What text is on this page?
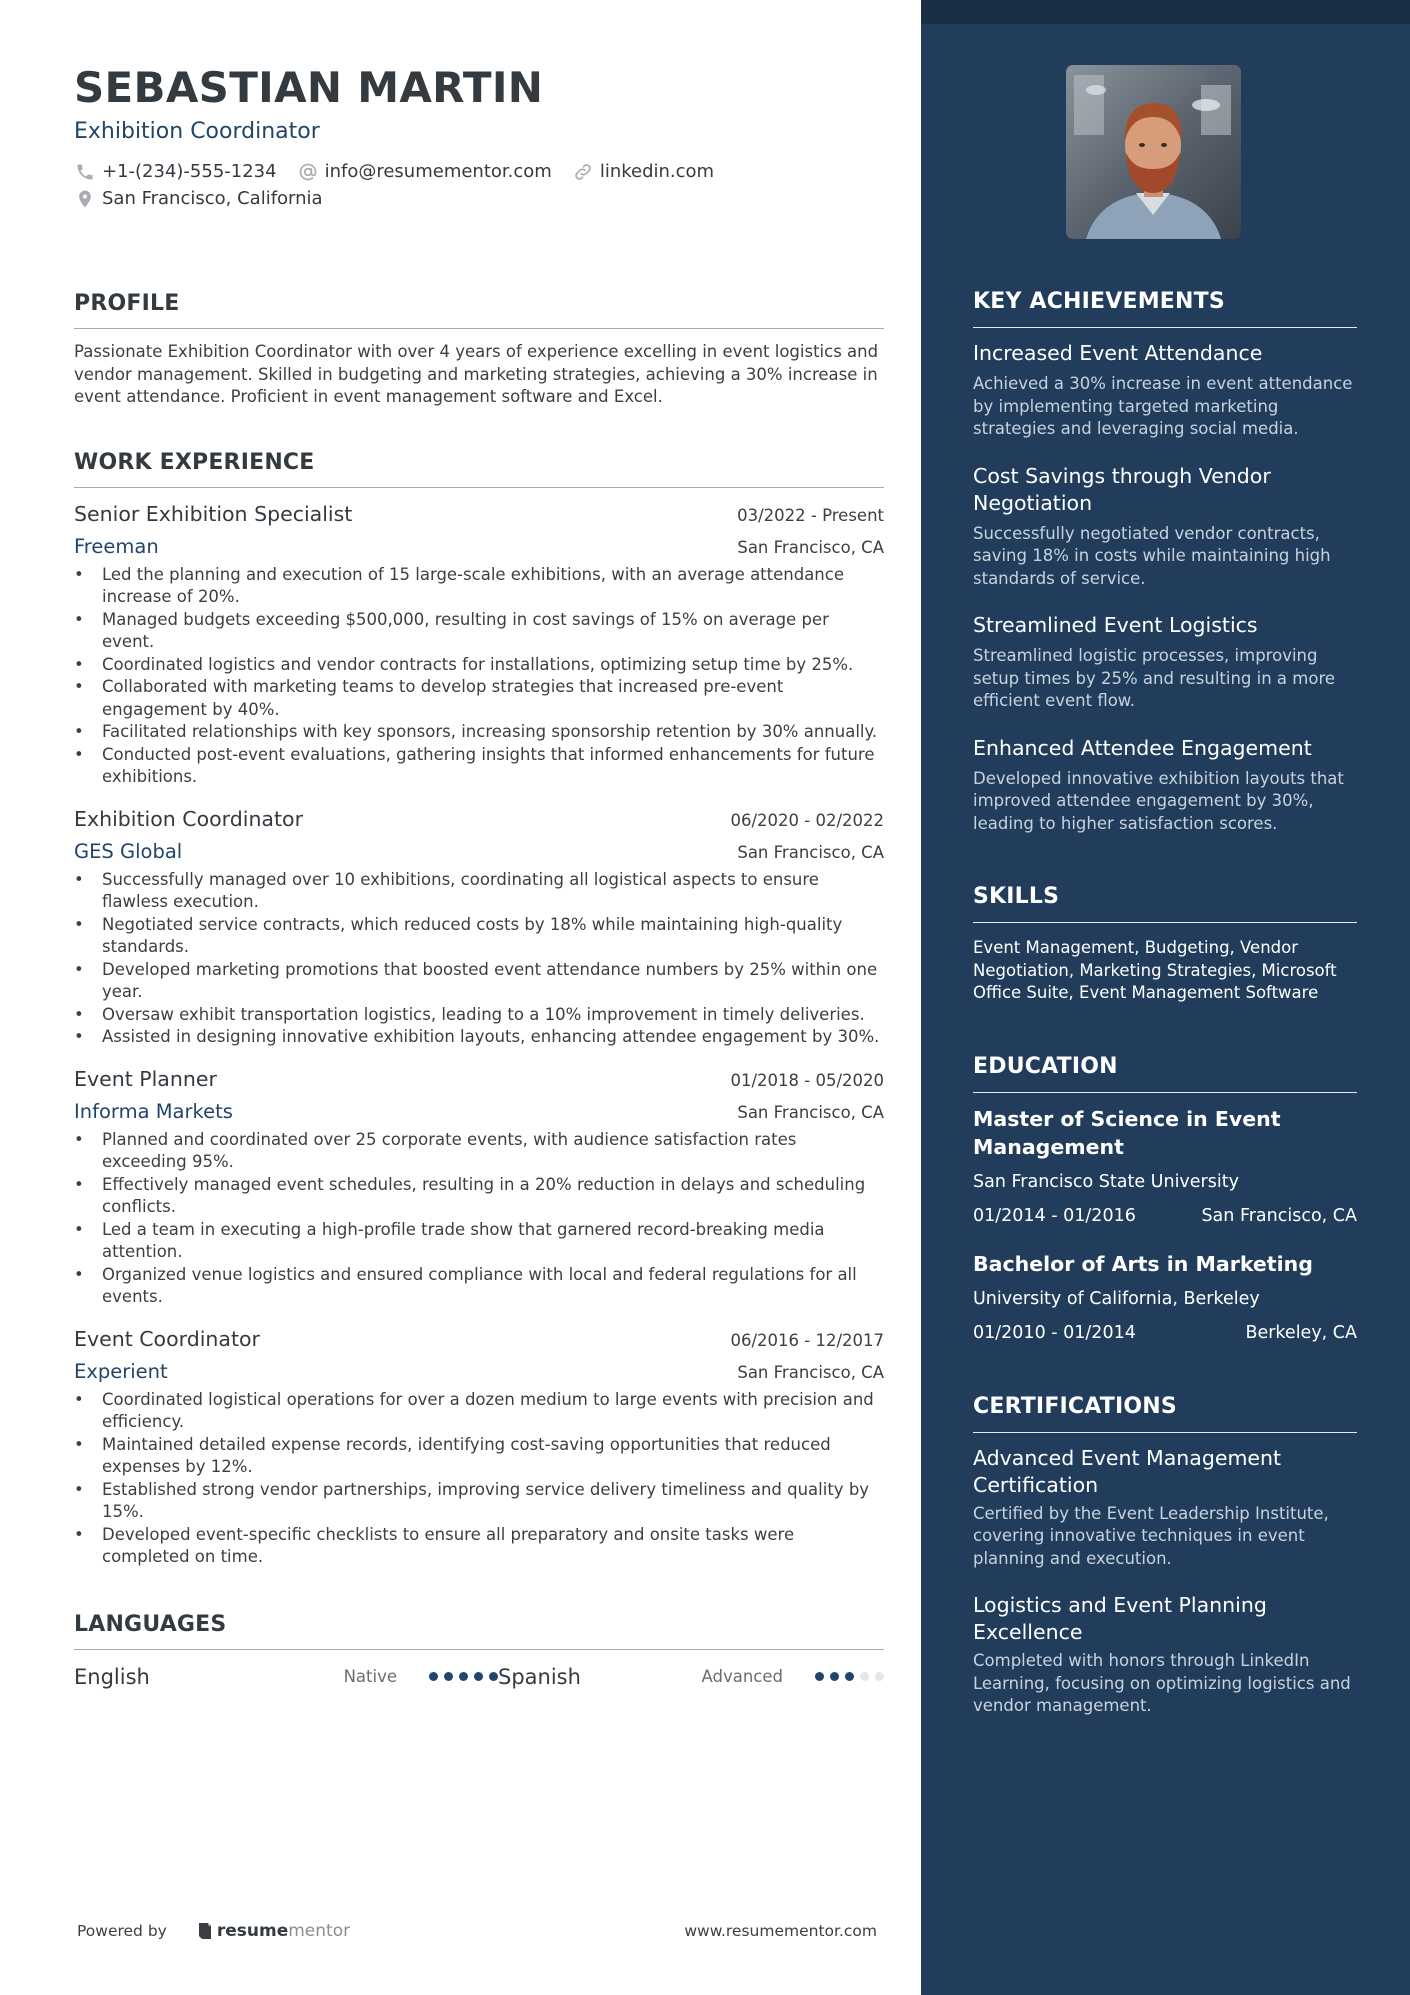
SEBASTIAN MARTIN
Exhibition Coordinator
+1-(234)-555-1234	info@resumementor.com	linkedin.com
San Francisco, California
PROFILE

Passionate Exhibition Coordinator with over 4 years of experience excelling in event logistics and vendor management. Skilled in budgeting and marketing strategies, achieving a 30% increase in event attendance. Proficient in event management software and Excel.

WORK EXPERIENCE
Senior Exhibition Specialist	03/2022 - Present
Freeman	San Francisco, CA
• Led the planning and execution of 15 large-scale exhibitions, with an average attendance increase of 20%.
• Managed budgets exceeding $500,000, resulting in cost savings of 15% on average per event.
• Coordinated logistics and vendor contracts for installations, optimizing setup time by 25%.
• Collaborated with marketing teams to develop strategies that increased pre-event engagement by 40%.
• Facilitated relationships with key sponsors, increasing sponsorship retention by 30% annually.
• Conducted post-event evaluations, gathering insights that informed enhancements for future exhibitions.
Exhibition Coordinator	06/2020 - 02/2022
GES Global	San Francisco, CA
• Successfully managed over 10 exhibitions, coordinating all logistical aspects to ensure flawless execution.
• Negotiated service contracts, which reduced costs by 18% while maintaining high-quality standards.
• Developed marketing promotions that boosted event attendance numbers by 25% within one year.
• Oversaw exhibit transportation logistics, leading to a 10% improvement in timely deliveries.
• Assisted in designing innovative exhibition layouts, enhancing attendee engagement by 30%.
Event Planner	01/2018 - 05/2020
Informa Markets	San Francisco, CA
• Planned and coordinated over 25 corporate events, with audience satisfaction rates exceeding 95%.
• Effectively managed event schedules, resulting in a 20% reduction in delays and scheduling conflicts.
• Led a team in executing a high-profile trade show that garnered record-breaking media attention.
• Organized venue logistics and ensured compliance with local and federal regulations for all events.
Event Coordinator	06/2016 - 12/2017
Experient	San Francisco, CA
• Coordinated logistical operations for over a dozen medium to large events with precision and efficiency.
• Maintained detailed expense records, identifying cost-saving opportunities that reduced expenses by 12%.
• Established strong vendor partnerships, improving service delivery timeliness and quality by 15%.
• Developed event-specific checklists to ensure all preparatory and onsite tasks were completed on time.
LANGUAGES
English	Native	Spanish	Advanced
Powered by	resume mentor	www.resumementor.com
KEY ACHIEVEMENTS
Increased Event Attendance
Achieved a 30% increase in event attendance by implementing targeted marketing strategies and leveraging social media.
Cost Savings through Vendor Negotiation
Successfully negotiated vendor contracts, saving 18% in costs while maintaining high standards of service.
Streamlined Event Logistics
Streamlined logistic processes, improving setup times by 25% and resulting in a more efficient event flow.
Enhanced Attendee Engagement
Developed innovative exhibition layouts that improved attendee engagement by 30%, leading to higher satisfaction scores.
SKILLS

Event Management, Budgeting, Vendor Negotiation, Marketing Strategies, Microsoft Office Suite, Event Management Software

EDUCATION
Master of Science in Event Management
San Francisco State University
01/2014 - 01/2016	San Francisco, CA
Bachelor of Arts in Marketing
University of California, Berkeley
01/2010 - 01/2014	Berkeley, CA
CERTIFICATIONS
Advanced Event Management Certification
Certified by the Event Leadership Institute, covering innovative techniques in event planning and execution.
Logistics and Event Planning Excellence
Completed with honors through LinkedIn Learning, focusing on optimizing logistics and vendor management.
